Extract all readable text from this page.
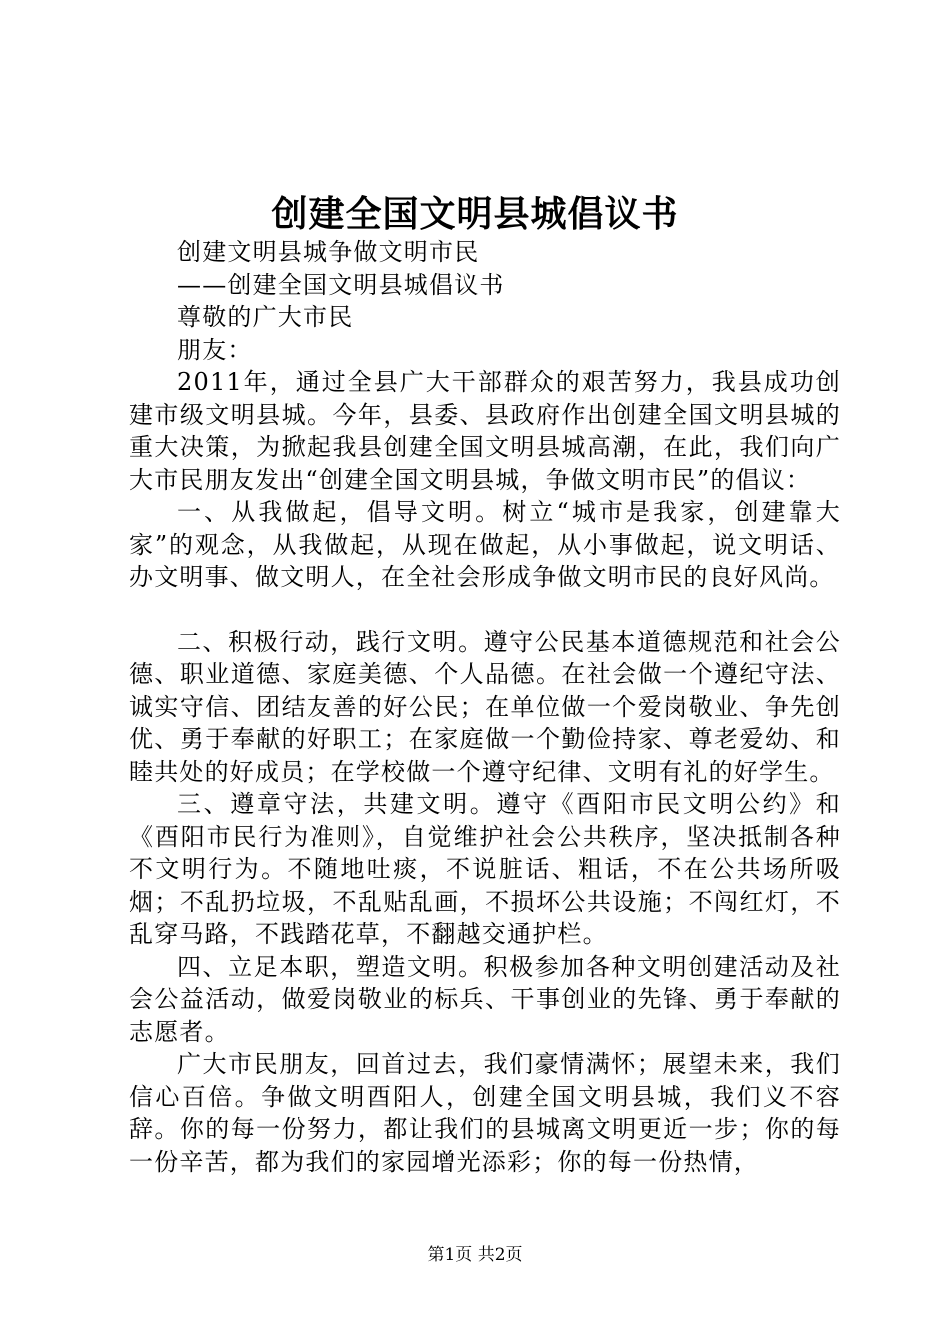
创建全国文明县城倡议书

创建文明县城争做文明市民

——创建全国文明县城倡议书

尊敬的广大市民

朋友：

2011年，通过全县广大干部群众的艰苦努力，我县成功创建市级文明县城。今年，县委、县政府作出创建全国文明县城的重大决策，为掀起我县创建全国文明县城高潮，在此，我们向广大市民朋友发出“创建全国文明县城，争做文明市民”的倡议：

一、从我做起，倡导文明。树立“城市是我家，创建靠大家”的观念，从我做起，从现在做起，从小事做起，说文明话、办文明事、做文明人，在全社会形成争做文明市民的良好风尚。

二、积极行动，践行文明。遵守公民基本道德规范和社会公德、职业道德、家庭美德、个人品德。在社会做一个遵纪守法、诚实守信、团结友善的好公民；在单位做一个爱岗敬业、争先创优、勇于奉献的好职工；在家庭做一个勤俭持家、尊老爱幼、和睦共处的好成员；在学校做一个遵守纪律、文明有礼的好学生。

三、遵章守法，共建文明。遵守《酉阳市民文明公约》和《酉阳市民行为准则》，自觉维护社会公共秩序，坚决抵制各种不文明行为。不随地吐痰，不说脏话、粗话，不在公共场所吸烟；不乱扔垃圾，不乱贴乱画，不损坏公共设施；不闯红灯，不乱穿马路，不践踏花草，不翻越交通护栏。

四、立足本职，塑造文明。积极参加各种文明创建活动及社会公益活动，做爱岗敬业的标兵、干事创业的先锋、勇于奉献的志愿者。

广大市民朋友，回首过去，我们豪情满怀；展望未来，我们信心百倍。争做文明酉阳人，创建全国文明县城，我们义不容辞。你的每一份努力，都让我们的县城离文明更近一步；你的每一份辛苦，都为我们的家园增光添彩；你的每一份热情，

第1页 共2页
